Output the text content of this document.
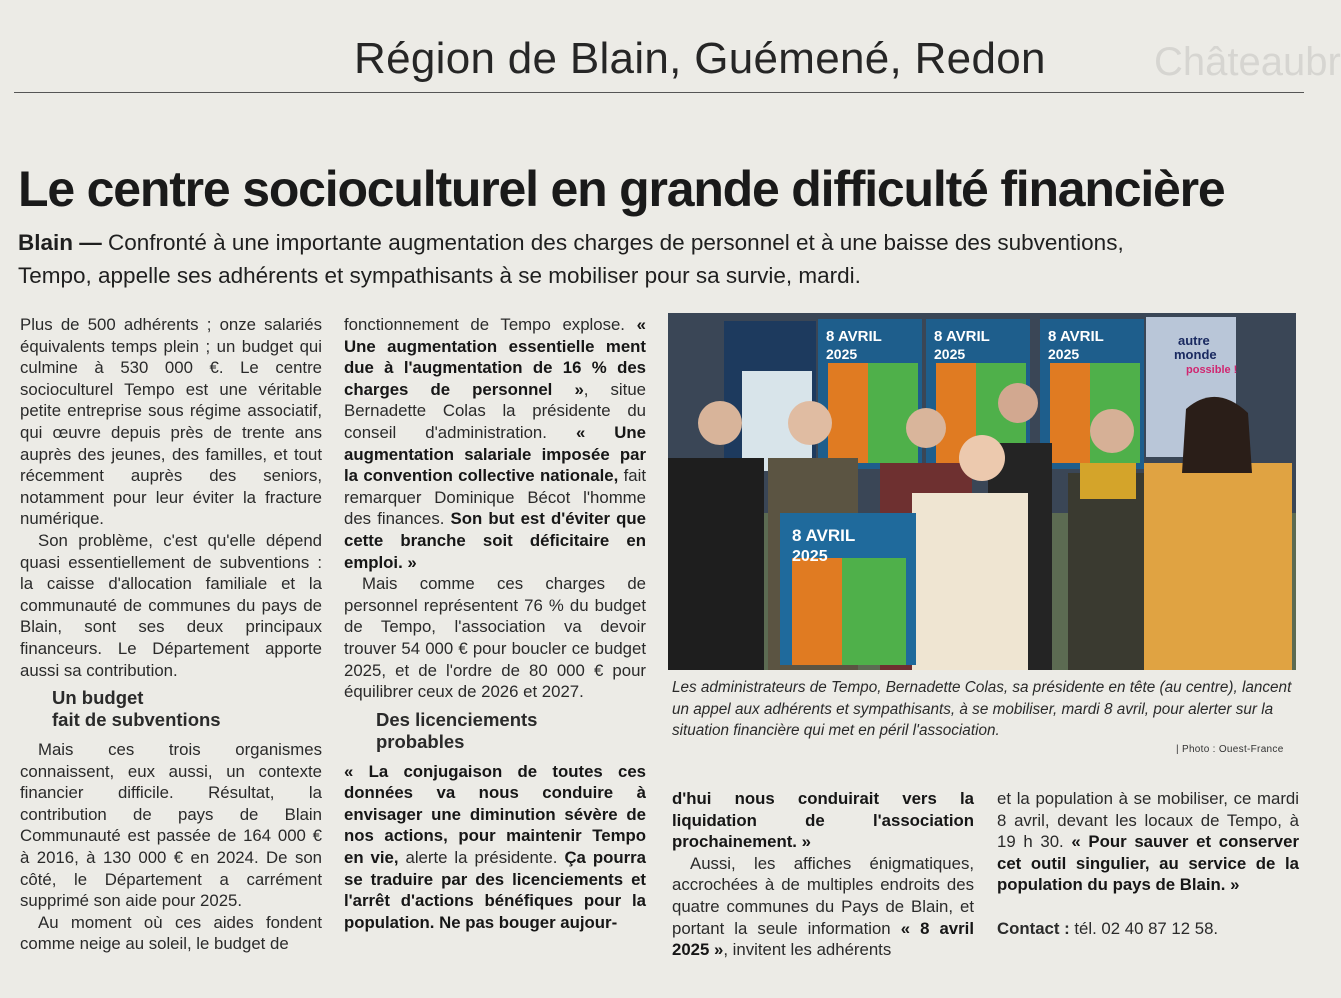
Région de Blain, Guémené, Redon	Châteaubr
Le centre socioculturel en grande difficulté financière
Blain — Confronté à une importante augmentation des charges de personnel et à une baisse des subventions, Tempo, appelle ses adhérents et sympathisants à se mobiliser pour sa survie, mardi.

Plus de 500 adhérents ; onze salariés équivalents temps plein ; un budget qui culmine à 530 000 €. Le centre socioculturel Tempo est une véritable petite entreprise sous régime associatif, qui œuvre depuis près de trente ans auprès des jeunes, des familles, et tout récemment auprès des seniors, notamment pour leur éviter la fracture numérique.

Son problème, c'est qu'elle dépend quasi essentiellement de subventions : la caisse d'allocation familiale et la communauté de communes du pays de Blain, sont ses deux principaux financeurs. Le Département apporte aussi sa contribution.

Un budget
fait de subventions

Mais ces trois organismes connaissent, eux aussi, un contexte financier difficile. Résultat, la contribution de pays de Blain Communauté est passée de 164 000 € à 2016, à 130 000 € en 2024. De son côté, le Département a carrément supprimé son aide pour 2025.

Au moment où ces aides fondent comme neige au soleil, le budget de

fonctionnement de Tempo explose. « Une augmentation essentielle ment due à l'augmentation de 16 % des charges de personnel », situe Bernadette Colas la présidente du conseil d'administration. « Une augmentation salariale imposée par la convention collective nationale, fait remarquer Dominique Bécot l'homme des finances. Son but est d'éviter que cette branche soit déficitaire en emploi. »

Mais comme ces charges de personnel représentent 76 % du budget de Tempo, l'association va devoir trouver 54 000 € pour boucler ce budget 2025, et de l'ordre de 80 000 € pour équilibrer ceux de 2026 et 2027.

Des licenciements
probables

« La conjugaison de toutes ces données va nous conduire à envisager une diminution sévère de nos actions, pour maintenir Tempo en vie, alerte la présidente. Ça pourra se traduire par des licenciements et l'arrêt d'actions bénéfiques pour la population. Ne pas bouger aujour-

8 AVRIL
2025
8 AVRIL
2025
8 AVRIL
2025
autre
monde
possible !
8 AVRIL
2025
Les administrateurs de Tempo, Bernadette Colas, sa présidente en tête (au centre), lancent un appel aux adhérents et sympathisants, à se mobiliser, mardi 8 avril, pour alerter sur la situation financière qui met en péril l'association.
| Photo : Ouest-France

d'hui nous conduirait vers la liquidation de l'association prochainement. »

Aussi, les affiches énigmatiques, accrochées à de multiples endroits des quatre communes du Pays de Blain, et portant la seule information « 8 avril 2025 », invitent les adhérents

et la population à se mobiliser, ce mardi 8 avril, devant les locaux de Tempo, à 19 h 30. « Pour sauver et conserver cet outil singulier, au service de la population du pays de Blain. »

Contact : tél. 02 40 87 12 58.
